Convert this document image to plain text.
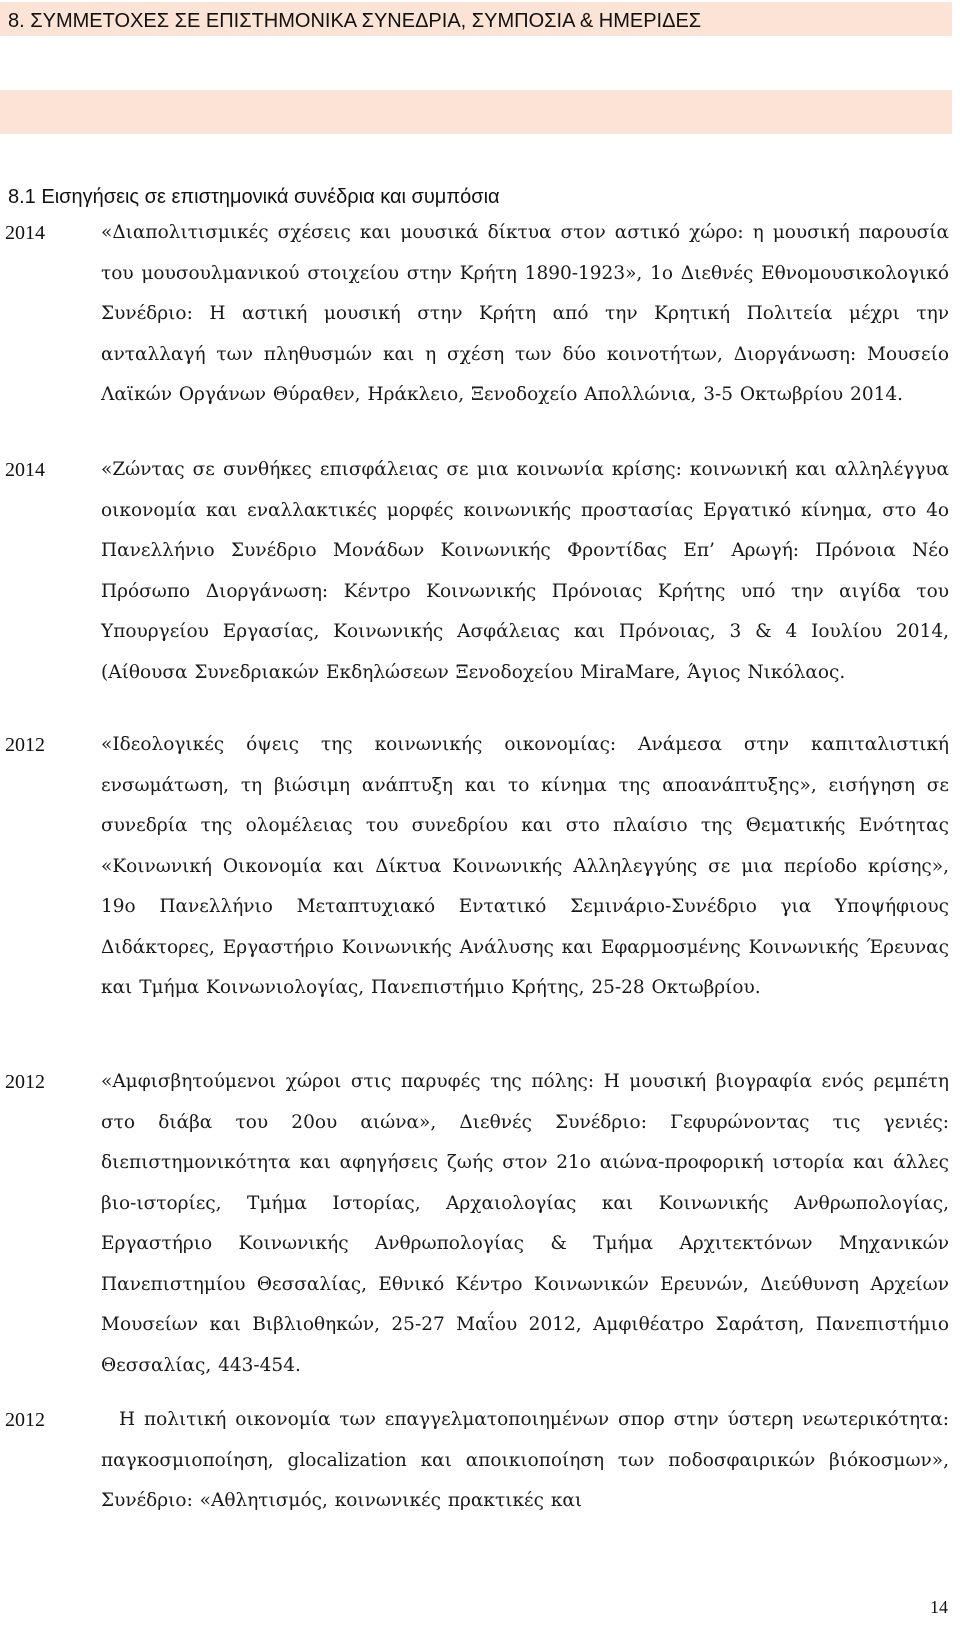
8. ΣΥΜΜΕΤΟΧΕΣ ΣΕ ΕΠΙΣΤΗΜΟΝΙΚΑ ΣΥΝΕΔΡΙΑ, ΣΥΜΠΟΣΙΑ & ΗΜΕΡΙΔΕΣ
8.1 Εισηγήσεις σε επιστημονικά συνέδρια και συμπόσια
2014	«Διαπολιτισμικές σχέσεις και μουσικά δίκτυα στον αστικό χώρο: η μουσική παρουσία του μουσουλμανικού στοιχείου στην Κρήτη 1890-1923», 1ο Διεθνές Εθνομουσικολογικό Συνέδριο: Η αστική μουσική στην Κρήτη από την Κρητική Πολιτεία μέχρι την ανταλλαγή των πληθυσμών και η σχέση των δύο κοινοτήτων, Διοργάνωση: Μουσείο Λαϊκών Οργάνων Θύραθεν, Ηράκλειο, Ξενοδοχείο Απολλώνια, 3-5 Οκτωβρίου 2014.
2014	«Ζώντας σε συνθήκες επισφάλειας σε μια κοινωνία κρίσης: κοινωνική και αλληλέγγυα οικονομία και εναλλακτικές μορφές κοινωνικής προστασίας Εργατικό κίνημα, στο 4ο Πανελλήνιο Συνέδριο Μονάδων Κοινωνικής Φροντίδας Επ’ Αρωγή: Πρόνοια Νέο Πρόσωπο Διοργάνωση: Κέντρο Κοινωνικής Πρόνοιας Κρήτης υπό την αιγίδα του Υπουργείου Εργασίας, Κοινωνικής Ασφάλειας και Πρόνοιας, 3 & 4 Ιουλίου 2014, (Αίθουσα Συνεδριακών Εκδηλώσεων Ξενοδοχείου MiraMare, Άγιος Νικόλαος.
2012	«Ιδεολογικές όψεις της κοινωνικής οικονομίας: Ανάμεσα στην καπιταλιστική ενσωμάτωση, τη βιώσιμη ανάπτυξη και το κίνημα της αποανάπτυξης», εισήγηση σε συνεδρία της ολομέλειας του συνεδρίου και στο πλαίσιο της Θεματικής Ενότητας «Κοινωνική Οικονομία και Δίκτυα Κοινωνικής Αλληλεγγύης σε μια περίοδο κρίσης», 19ο Πανελλήνιο Μεταπτυχιακό Εντατικό Σεμινάριο-Συνέδριο για Υποψήφιους Διδάκτορες, Εργαστήριο Κοινωνικής Ανάλυσης και Εφαρμοσμένης Κοινωνικής Έρευνας και Τμήμα Κοινωνιολογίας, Πανεπιστήμιο Κρήτης, 25-28 Οκτωβρίου.
2012	«Αμφισβητούμενοι χώροι στις παρυφές της πόλης: Η μουσική βιογραφία ενός ρεμπέτη στο διάβα του 20ου αιώνα», Διεθνές Συνέδριο: Γεφυρώνοντας τις γενιές: διεπιστημονικότητα και αφηγήσεις ζωής στον 21ο αιώνα-προφορική ιστορία και άλλες βιο-ιστορίες, Τμήμα Ιστορίας, Αρχαιολογίας και Κοινωνικής Ανθρωπολογίας, Εργαστήριο Κοινωνικής Ανθρωπολογίας & Τμήμα Αρχιτεκτόνων Μηχανικών Πανεπιστημίου Θεσσαλίας, Εθνικό Κέντρο Κοινωνικών Ερευνών, Διεύθυνση Αρχείων Μουσείων και Βιβλιοθηκών, 25-27 Μαΐου 2012, Αμφιθέατρο Σαράτση, Πανεπιστήμιο Θεσσαλίας, 443-454.
2012	Η πολιτική οικονομία των επαγγελματοποιημένων σπορ στην ύστερη νεωτερικότητα: παγκοσμιοποίηση, glocalization και αποικιοποίηση των ποδοσφαιρικών βιόκοσμων», Συνέδριο: «Αθλητισμός, κοινωνικές πρακτικές και
14
